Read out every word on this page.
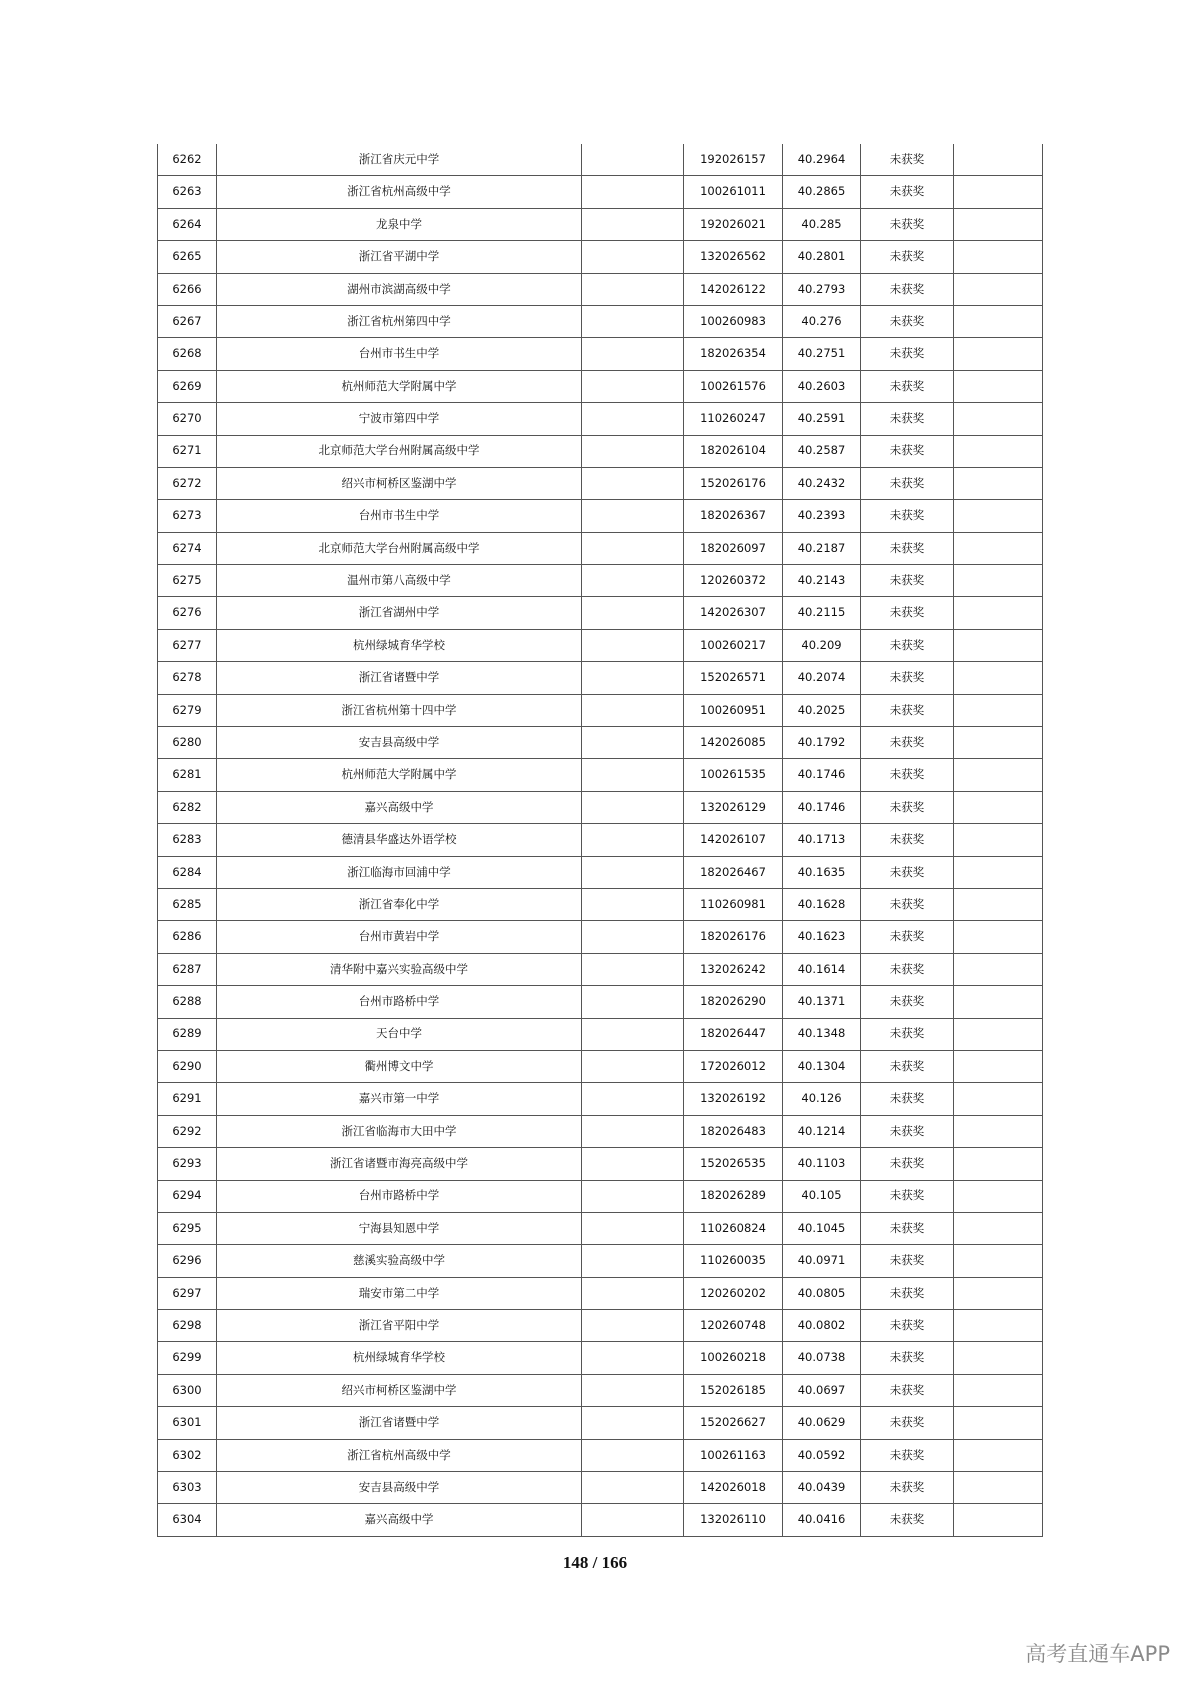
6262	浙江省庆元中学		192026157	40.2964	未获奖	
6263	浙江省杭州高级中学		100261011	40.2865	未获奖	
6264	龙泉中学		192026021	40.285	未获奖	
6265	浙江省平湖中学		132026562	40.2801	未获奖	
6266	湖州市滨湖高级中学		142026122	40.2793	未获奖	
6267	浙江省杭州第四中学		100260983	40.276	未获奖	
6268	台州市书生中学		182026354	40.2751	未获奖	
6269	杭州师范大学附属中学		100261576	40.2603	未获奖	
6270	宁波市第四中学		110260247	40.2591	未获奖	
6271	北京师范大学台州附属高级中学		182026104	40.2587	未获奖	
6272	绍兴市柯桥区鉴湖中学		152026176	40.2432	未获奖	
6273	台州市书生中学		182026367	40.2393	未获奖	
6274	北京师范大学台州附属高级中学		182026097	40.2187	未获奖	
6275	温州市第八高级中学		120260372	40.2143	未获奖	
6276	浙江省湖州中学		142026307	40.2115	未获奖	
6277	杭州绿城育华学校		100260217	40.209	未获奖	
6278	浙江省诸暨中学		152026571	40.2074	未获奖	
6279	浙江省杭州第十四中学		100260951	40.2025	未获奖	
6280	安吉县高级中学		142026085	40.1792	未获奖	
6281	杭州师范大学附属中学		100261535	40.1746	未获奖	
6282	嘉兴高级中学		132026129	40.1746	未获奖	
6283	德清县华盛达外语学校		142026107	40.1713	未获奖	
6284	浙江临海市回浦中学		182026467	40.1635	未获奖	
6285	浙江省奉化中学		110260981	40.1628	未获奖	
6286	台州市黄岩中学		182026176	40.1623	未获奖	
6287	清华附中嘉兴实验高级中学		132026242	40.1614	未获奖	
6288	台州市路桥中学		182026290	40.1371	未获奖	
6289	天台中学		182026447	40.1348	未获奖	
6290	衢州博文中学		172026012	40.1304	未获奖	
6291	嘉兴市第一中学		132026192	40.126	未获奖	
6292	浙江省临海市大田中学		182026483	40.1214	未获奖	
6293	浙江省诸暨市海亮高级中学		152026535	40.1103	未获奖	
6294	台州市路桥中学		182026289	40.105	未获奖	
6295	宁海县知恩中学		110260824	40.1045	未获奖	
6296	慈溪实验高级中学		110260035	40.0971	未获奖	
6297	瑞安市第二中学		120260202	40.0805	未获奖	
6298	浙江省平阳中学		120260748	40.0802	未获奖	
6299	杭州绿城育华学校		100260218	40.0738	未获奖	
6300	绍兴市柯桥区鉴湖中学		152026185	40.0697	未获奖	
6301	浙江省诸暨中学		152026627	40.0629	未获奖	
6302	浙江省杭州高级中学		100261163	40.0592	未获奖	
6303	安吉县高级中学		142026018	40.0439	未获奖	
6304	嘉兴高级中学		132026110	40.0416	未获奖	
148 / 166
高考直通车APP
